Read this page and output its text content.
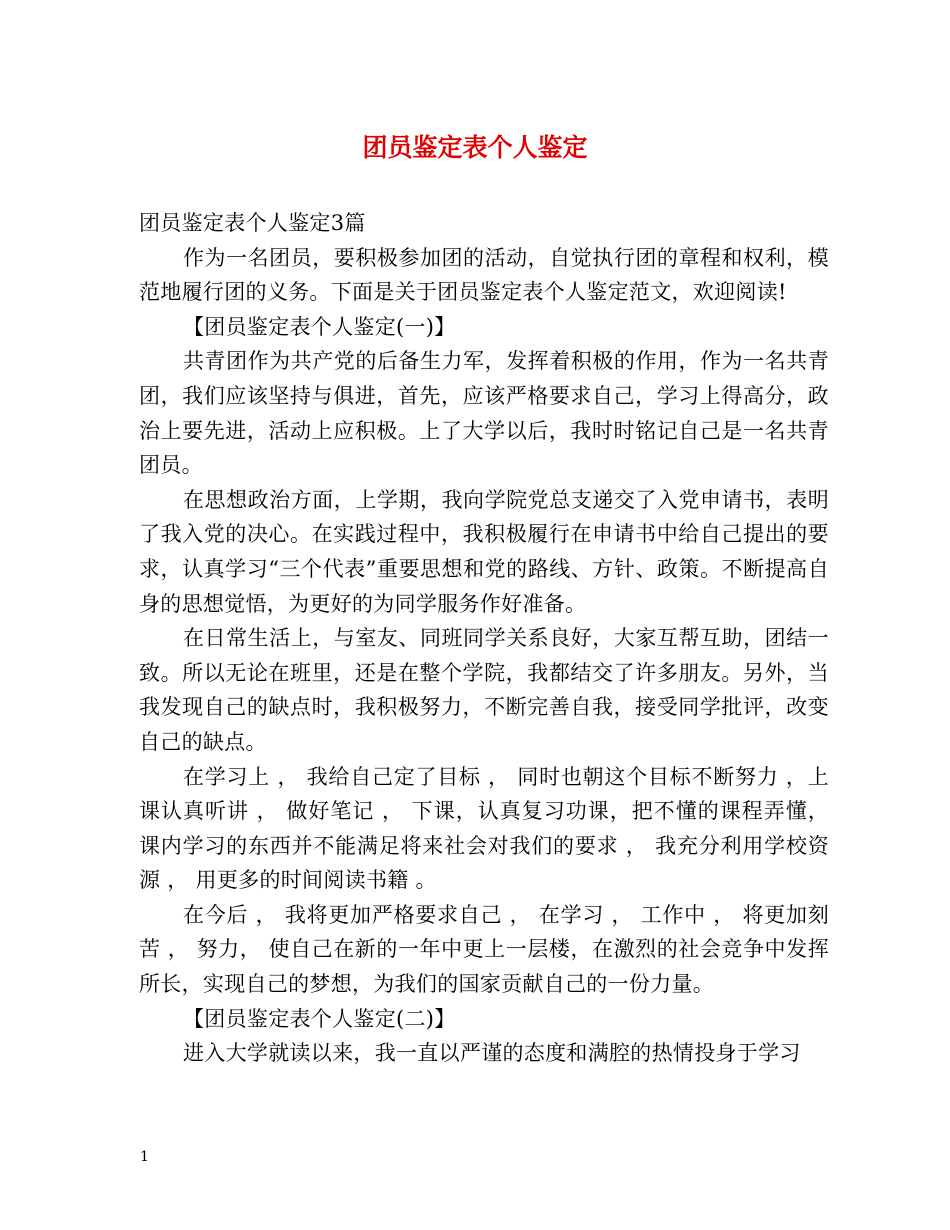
团员鉴定表个人鉴定

团员鉴定表个人鉴定3篇

作为一名团员，要积极参加团的活动，自觉执行团的章程和权利，模范地履行团的义务。下面是关于团员鉴定表个人鉴定范文，欢迎阅读!

【团员鉴定表个人鉴定(一)】

共青团作为共产党的后备生力军，发挥着积极的作用，作为一名共青团，我们应该坚持与俱进，首先，应该严格要求自己，学习上得高分，政治上要先进，活动上应积极。上了大学以后，我时时铭记自己是一名共青团员。

在思想政治方面，上学期，我向学院党总支递交了入党申请书，表明了我入党的决心。在实践过程中，我积极履行在申请书中给自己提出的要求，认真学习“三个代表”重要思想和党的路线、方针、政策。不断提高自身的思想觉悟，为更好的为同学服务作好准备。

在日常生活上，与室友、同班同学关系良好，大家互帮互助，团结一致。所以无论在班里，还是在整个学院，我都结交了许多朋友。另外，当我发现自己的缺点时，我积极努力，不断完善自我，接受同学批评，改变自己的缺点。

在学习上 ， 我给自己定了目标 ， 同时也朝这个目标不断努力 ，上课认真听讲 ， 做好笔记 ， 下课，认真复习功课，把不懂的课程弄懂， 课内学习的东西并不能满足将来社会对我们的要求 ， 我充分利用学校资源 ， 用更多的时间阅读书籍 。

在今后 ， 我将更加严格要求自己 ， 在学习 ， 工作中 ， 将更加刻苦 ， 努力， 使自己在新的一年中更上一层楼，在激烈的社会竞争中发挥所长，实现自己的梦想，为我们的国家贡献自己的一份力量。

【团员鉴定表个人鉴定(二)】

进入大学就读以来，我一直以严谨的态度和满腔的热情投身于学习

1
